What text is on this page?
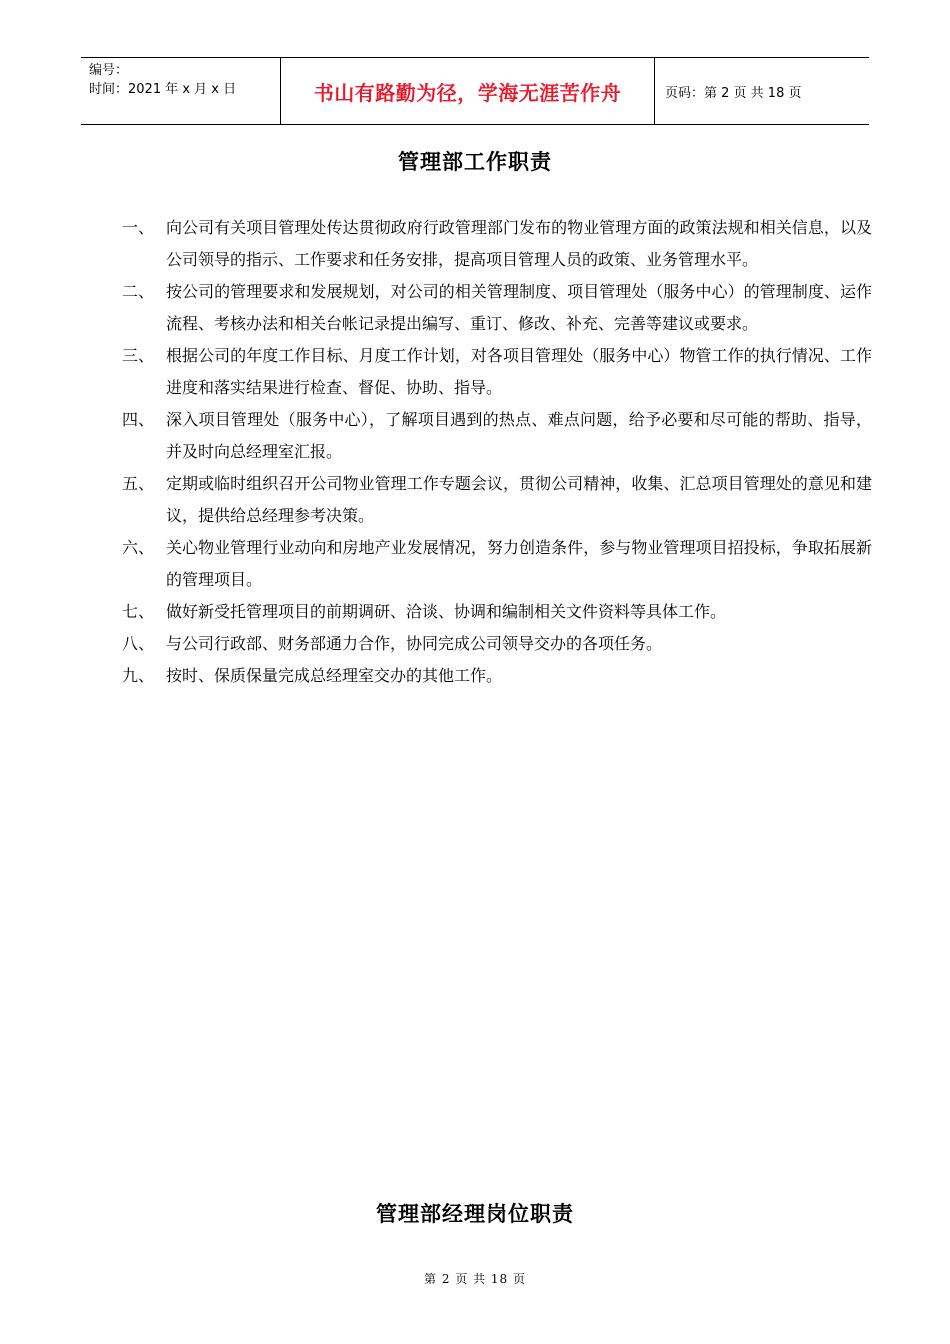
编号：
时间：2021 年 x 月 x 日	书山有路勤为径，学海无涯苦作舟	页码：第 2 页 共 18 页
管理部工作职责
一、 向公司有关项目管理处传达贯彻政府行政管理部门发布的物业管理方面的政策法规和相关信息，以及公司领导的指示、工作要求和任务安排，提高项目管理人员的政策、业务管理水平。
二、 按公司的管理要求和发展规划，对公司的相关管理制度、项目管理处（服务中心）的管理制度、运作流程、考核办法和相关台帐记录提出编写、重订、修改、补充、完善等建议或要求。
三、 根据公司的年度工作目标、月度工作计划，对各项目管理处（服务中心）物管工作的执行情况、工作进度和落实结果进行检查、督促、协助、指导。
四、 深入项目管理处（服务中心），了解项目遇到的热点、难点问题，给予必要和尽可能的帮助、指导，并及时向总经理室汇报。
五、 定期或临时组织召开公司物业管理工作专题会议，贯彻公司精神，收集、汇总项目管理处的意见和建议，提供给总经理参考决策。
六、 关心物业管理行业动向和房地产业发展情况，努力创造条件，参与物业管理项目招投标，争取拓展新的管理项目。
七、 做好新受托管理项目的前期调研、洽谈、协调和编制相关文件资料等具体工作。
八、 与公司行政部、财务部通力合作，协同完成公司领导交办的各项任务。
九、 按时、保质保量完成总经理室交办的其他工作。
管理部经理岗位职责
第 2 页 共 18 页
